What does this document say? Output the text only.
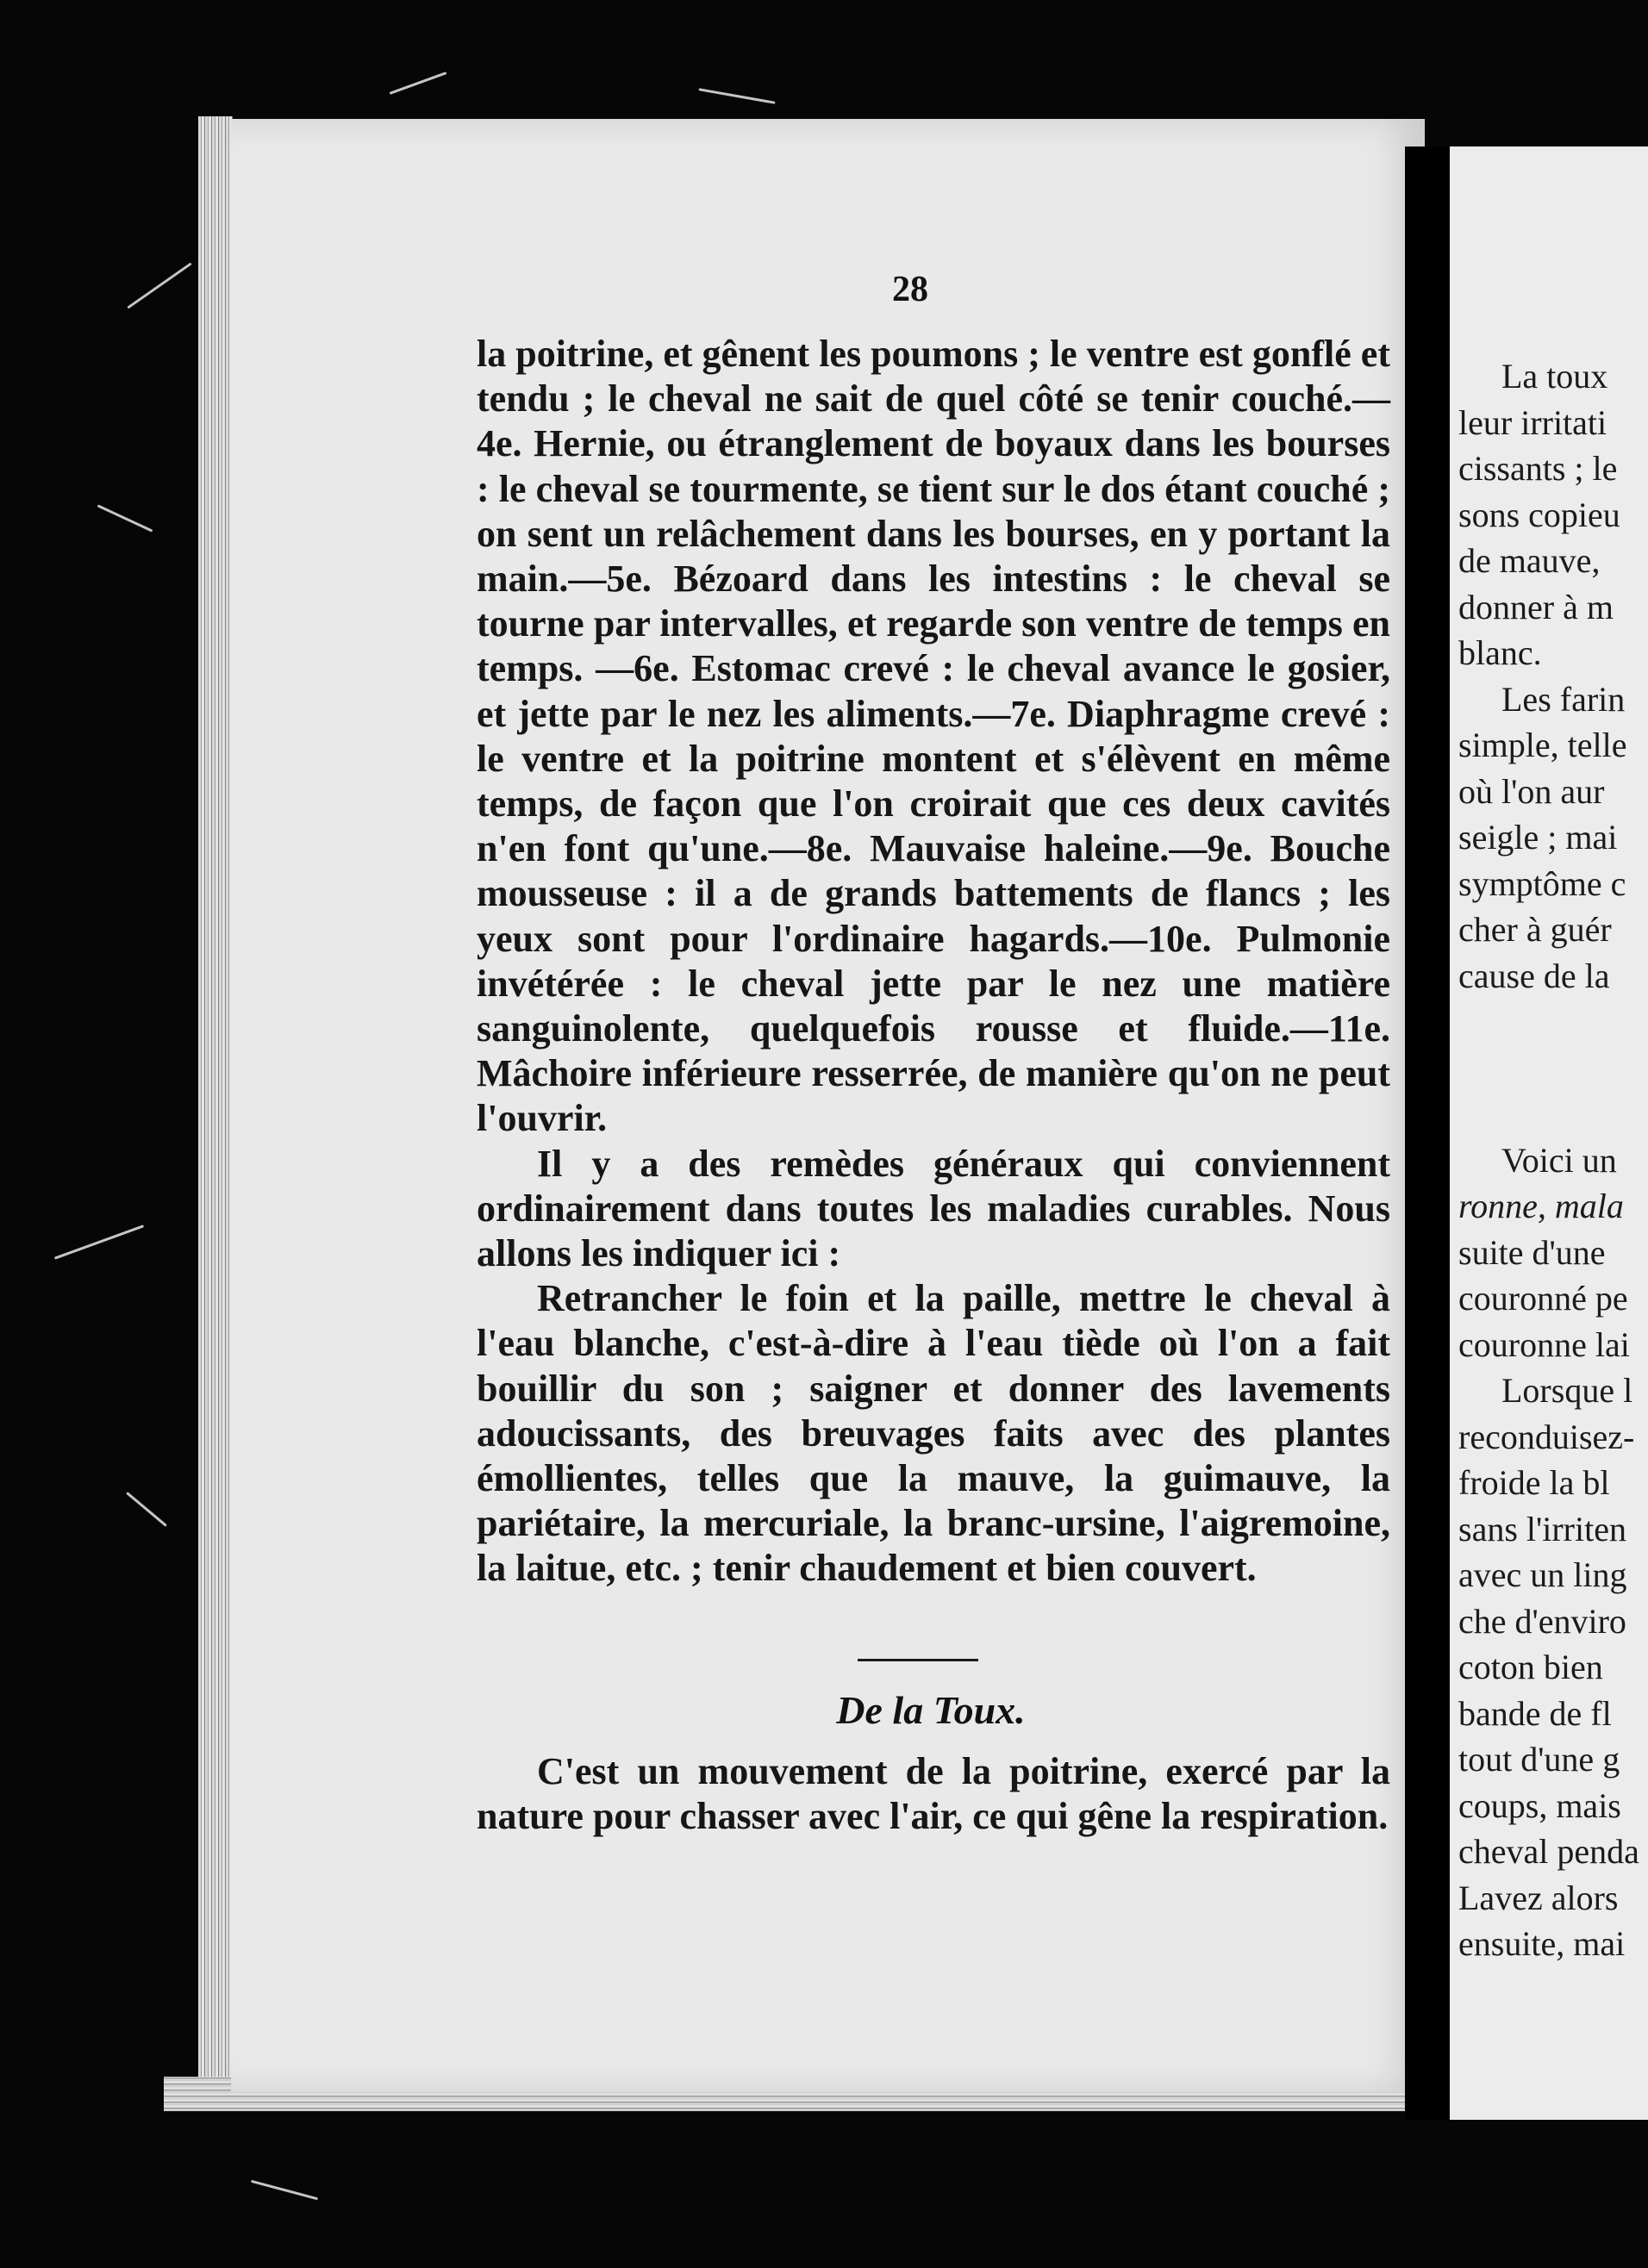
28

la poitrine, et gênent les poumons ; le ventre est gonflé et tendu ; le cheval ne sait de quel côté se tenir couché.—4e. Hernie, ou étranglement de boyaux dans les bourses : le cheval se tourmente, se tient sur le dos étant couché ; on sent un relâchement dans les bourses, en y portant la main.—5e. Bézoard dans les intestins : le cheval se tourne par intervalles, et regarde son ventre de temps en temps. —6e. Estomac crevé : le cheval avance le gosier, et jette par le nez les aliments.—7e. Diaphragme crevé : le ventre et la poitrine montent et s'élèvent en même temps, de façon que l'on croirait que ces deux cavités n'en font qu'une.—8e. Mauvaise haleine.—9e. Bouche mousseuse : il a de grands battements de flancs ; les yeux sont pour l'ordinaire hagards.—10e. Pulmonie invétérée : le cheval jette par le nez une matière sanguinolente, quelquefois rousse et fluide.—11e. Mâchoire inférieure resserrée, de manière qu'on ne peut l'ouvrir.

Il y a des remèdes généraux qui conviennent ordinairement dans toutes les maladies curables. Nous allons les indiquer ici :

Retrancher le foin et la paille, mettre le cheval à l'eau blanche, c'est-à-dire à l'eau tiède où l'on a fait bouillir du son ; saigner et donner des lavements adoucissants, des breuvages faits avec des plantes émollientes, telles que la mauve, la guimauve, la pariétaire, la mercuriale, la branc-ursine, l'aigremoine, la laitue, etc. ; tenir chaudement et bien couvert.

De la Toux.

C'est un mouvement de la poitrine, exercé par la nature pour chasser avec l'air, ce qui gêne la respiration.

La toux
leur irritati
cissants ; le
sons copieu
de mauve,
donner à m
blanc.
Les farin
simple, telle
où l'on aur
seigle ; mai
symptôme c
cher à guér
cause de la
Voici un
ronne, mala
suite d'une
couronné pe
couronne lai
Lorsque l
reconduisez-
froide la bl
sans l'irriten
avec un ling
che d'enviro
coton bien
bande de fl
tout d'une g
coups, mais
cheval penda
Lavez alors
ensuite, mai
